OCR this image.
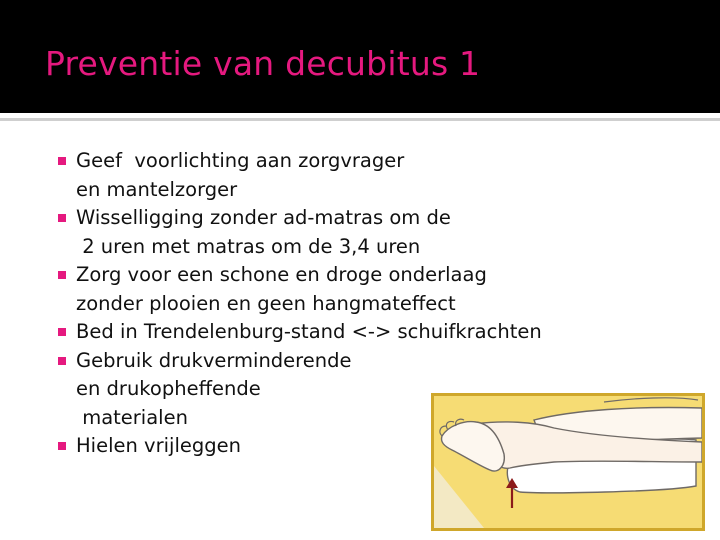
Preventie van decubitus 1
Geef  voorlichting aan zorgvrager
en mantelzorger
Wisselligging zonder ad-matras om de
2 uren met matras om de 3,4 uren
Zorg voor een schone en droge onderlaag
zonder plooien en geen hangmateffect
Bed in Trendelenburg-stand <-> schuifkrachten
Gebruik drukverminderende
en drukopheffende
materialen
Hielen vrijleggen
